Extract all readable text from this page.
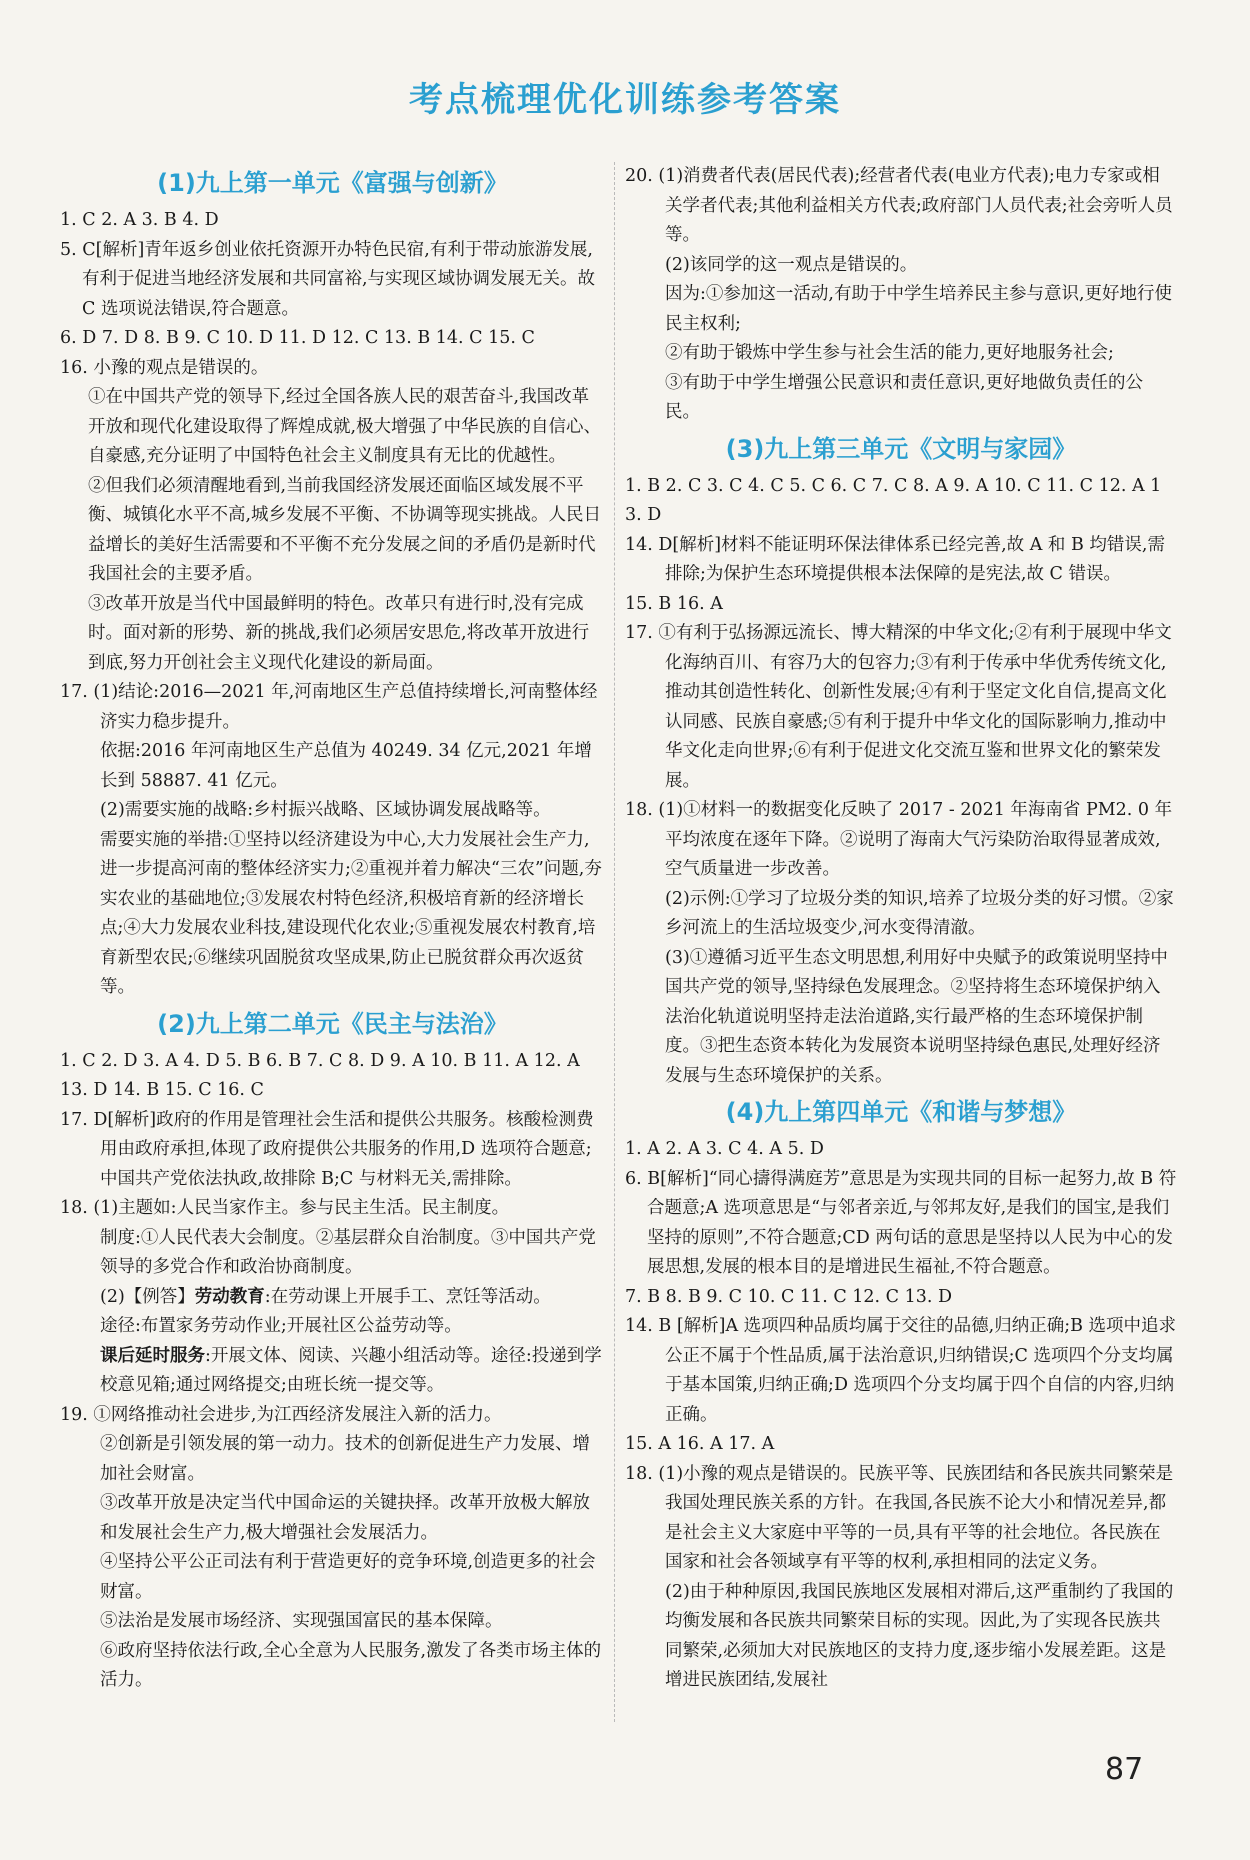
考点梳理优化训练参考答案
(1)九上第一单元《富强与创新》
1. C 2. A 3. B 4. D
5. C[解析]青年返乡创业依托资源开办特色民宿,有利于带动旅游发展,有利于促进当地经济发展和共同富裕,与实现区域协调发展无关。故 C 选项说法错误,符合题意。
6. D 7. D 8. B 9. C 10. D 11. D 12. C 13. B 14. C 15. C
16. 小豫的观点是错误的。
①在中国共产党的领导下,经过全国各族人民的艰苦奋斗,我国改革开放和现代化建设取得了辉煌成就,极大增强了中华民族的自信心、自豪感,充分证明了中国特色社会主义制度具有无比的优越性。
②但我们必须清醒地看到,当前我国经济发展还面临区域发展不平衡、城镇化水平不高,城乡发展不平衡、不协调等现实挑战。人民日益增长的美好生活需要和不平衡不充分发展之间的矛盾仍是新时代我国社会的主要矛盾。
③改革开放是当代中国最鲜明的特色。改革只有进行时,没有完成时。面对新的形势、新的挑战,我们必须居安思危,将改革开放进行到底,努力开创社会主义现代化建设的新局面。
17. (1)结论:2016—2021 年,河南地区生产总值持续增长,河南整体经济实力稳步提升。
依据:2016 年河南地区生产总值为 40249. 34 亿元,2021 年增长到 58887. 41 亿元。
(2)需要实施的战略:乡村振兴战略、区域协调发展战略等。
需要实施的举措:①坚持以经济建设为中心,大力发展社会生产力,进一步提高河南的整体经济实力;②重视并着力解决“三农”问题,夯实农业的基础地位;③发展农村特色经济,积极培育新的经济增长点;④大力发展农业科技,建设现代化农业;⑤重视发展农村教育,培育新型农民;⑥继续巩固脱贫攻坚成果,防止已脱贫群众再次返贫等。
(2)九上第二单元《民主与法治》
1. C 2. D 3. A 4. D 5. B 6. B 7. C 8. D 9. A 10. B 11. A 12. A
13. D 14. B 15. C 16. C
17. D[解析]政府的作用是管理社会生活和提供公共服务。核酸检测费用由政府承担,体现了政府提供公共服务的作用,D 选项符合题意;中国共产党依法执政,故排除 B;C 与材料无关,需排除。
18. (1)主题如:人民当家作主。参与民主生活。民主制度。
制度:①人民代表大会制度。②基层群众自治制度。③中国共产党领导的多党合作和政治协商制度。
(2)【例答】劳动教育:在劳动课上开展手工、烹饪等活动。
途径:布置家务劳动作业;开展社区公益劳动等。
课后延时服务:开展文体、阅读、兴趣小组活动等。途径:投递到学校意见箱;通过网络提交;由班长统一提交等。
19. ①网络推动社会进步,为江西经济发展注入新的活力。
②创新是引领发展的第一动力。技术的创新促进生产力发展、增加社会财富。
③改革开放是决定当代中国命运的关键抉择。改革开放极大解放和发展社会生产力,极大增强社会发展活力。
④坚持公平公正司法有利于营造更好的竞争环境,创造更多的社会财富。
⑤法治是发展市场经济、实现强国富民的基本保障。
⑥政府坚持依法行政,全心全意为人民服务,激发了各类市场主体的活力。
20. (1)消费者代表(居民代表);经营者代表(电业方代表);电力专家或相关学者代表;其他利益相关方代表;政府部门人员代表;社会旁听人员等。
(2)该同学的这一观点是错误的。
因为:①参加这一活动,有助于中学生培养民主参与意识,更好地行使民主权利;
②有助于锻炼中学生参与社会生活的能力,更好地服务社会;
③有助于中学生增强公民意识和责任意识,更好地做负责任的公民。
(3)九上第三单元《文明与家园》
1. B 2. C 3. C 4. C 5. C 6. C 7. C 8. A 9. A 10. C 11. C 12. A 13. D
14. D[解析]材料不能证明环保法律体系已经完善,故 A 和 B 均错误,需排除;为保护生态环境提供根本法保障的是宪法,故 C 错误。
15. B 16. A
17. ①有利于弘扬源远流长、博大精深的中华文化;②有利于展现中华文化海纳百川、有容乃大的包容力;③有利于传承中华优秀传统文化,推动其创造性转化、创新性发展;④有利于坚定文化自信,提高文化认同感、民族自豪感;⑤有利于提升中华文化的国际影响力,推动中华文化走向世界;⑥有利于促进文化交流互鉴和世界文化的繁荣发展。
18. (1)①材料一的数据变化反映了 2017 - 2021 年海南省 PM2. 0 年平均浓度在逐年下降。②说明了海南大气污染防治取得显著成效,空气质量进一步改善。
(2)示例:①学习了垃圾分类的知识,培养了垃圾分类的好习惯。②家乡河流上的生活垃圾变少,河水变得清澈。
(3)①遵循习近平生态文明思想,利用好中央赋予的政策说明坚持中国共产党的领导,坚持绿色发展理念。②坚持将生态环境保护纳入法治化轨道说明坚持走法治道路,实行最严格的生态环境保护制度。③把生态资本转化为发展资本说明坚持绿色惠民,处理好经济发展与生态环境保护的关系。
(4)九上第四单元《和谐与梦想》
1. A 2. A 3. C 4. A 5. D
6. B[解析]“同心擣得满庭芳”意思是为实现共同的目标一起努力,故 B 符合题意;A 选项意思是“与邻者亲近,与邻邦友好,是我们的国宝,是我们坚持的原则”,不符合题意;CD 两句话的意思是坚持以人民为中心的发展思想,发展的根本目的是增进民生福祉,不符合题意。
7. B 8. B 9. C 10. C 11. C 12. C 13. D
14. B [解析]A 选项四种品质均属于交往的品德,归纳正确;B 选项中追求公正不属于个性品质,属于法治意识,归纳错误;C 选项四个分支均属于基本国策,归纳正确;D 选项四个分支均属于四个自信的内容,归纳正确。
15. A 16. A 17. A
18. (1)小豫的观点是错误的。民族平等、民族团结和各民族共同繁荣是我国处理民族关系的方针。在我国,各民族不论大小和情况差异,都是社会主义大家庭中平等的一员,具有平等的社会地位。各民族在国家和社会各领域享有平等的权利,承担相同的法定义务。
(2)由于种种原因,我国民族地区发展相对滞后,这严重制约了我国的均衡发展和各民族共同繁荣目标的实现。因此,为了实现各民族共同繁荣,必须加大对民族地区的支持力度,逐步缩小发展差距。这是增进民族团结,发展社
87
